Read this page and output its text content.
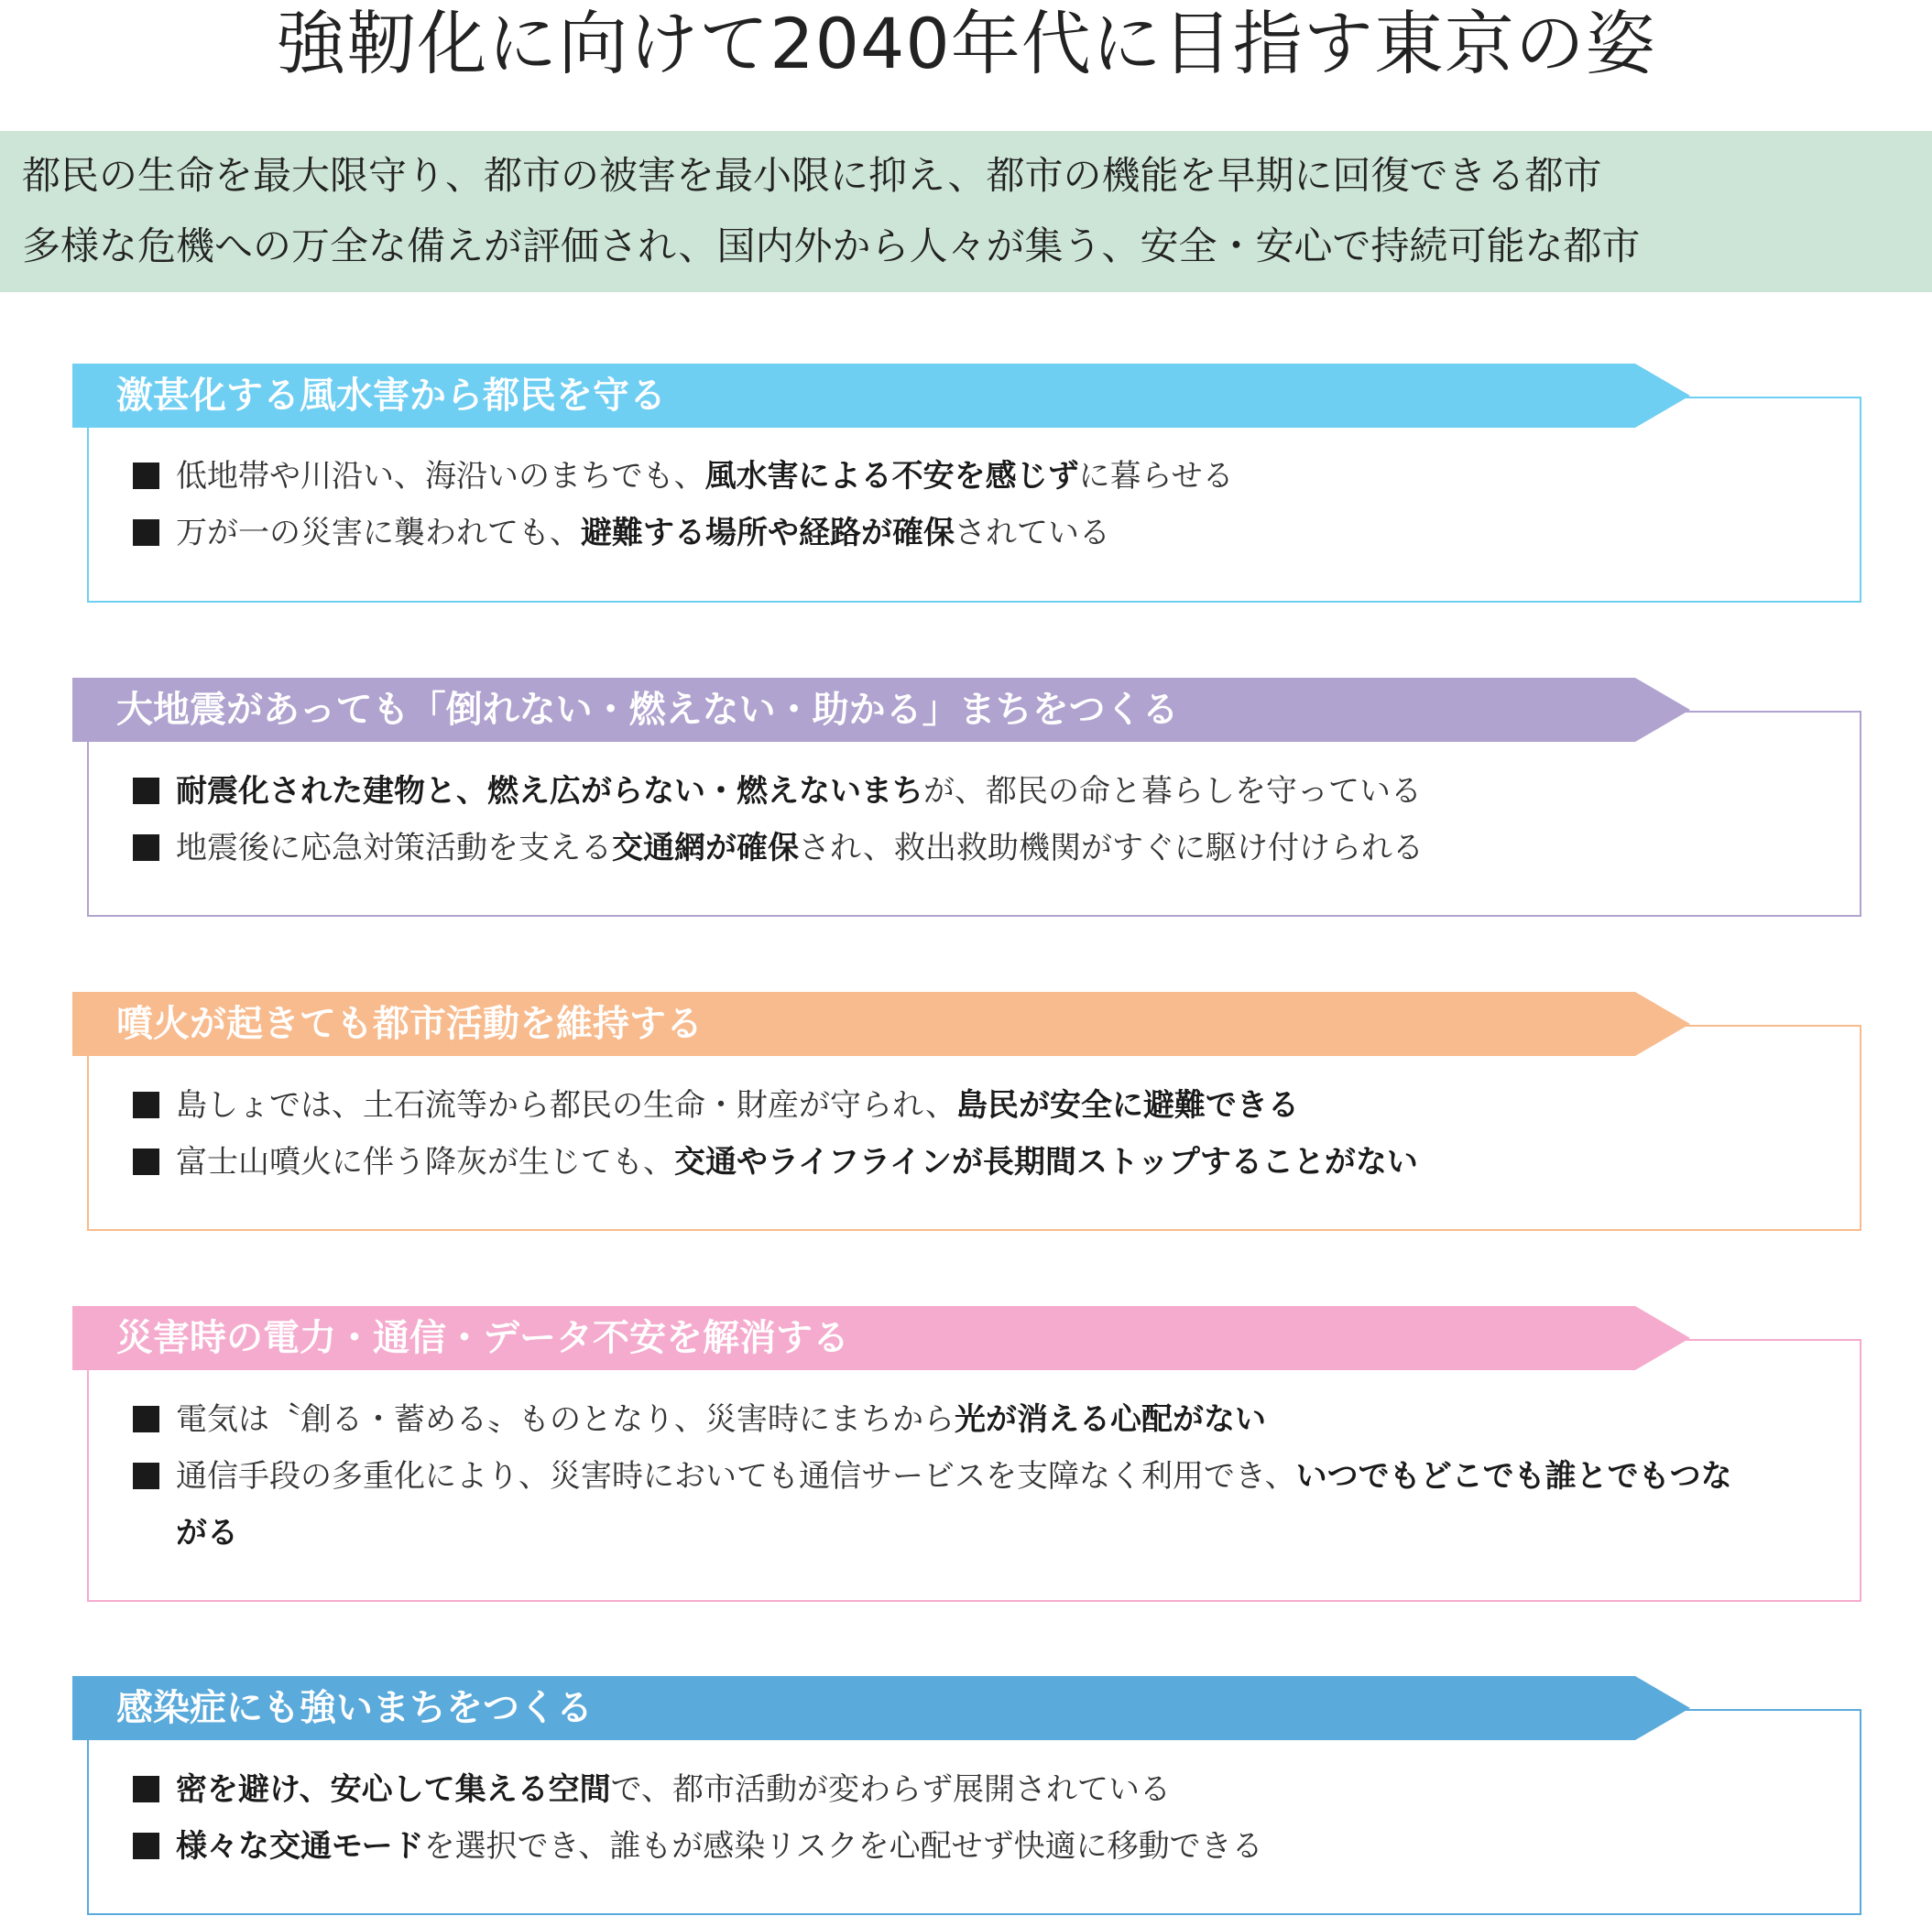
強靭化に向けて2040年代に目指す東京の姿
都民の生命を最大限守り、都市の被害を最小限に抑え、都市の機能を早期に回復できる都市
多様な危機への万全な備えが評価され、国内外から人々が集う、安全・安心で持続可能な都市
激甚化する風水害から都民を守る
低地帯や川沿い、海沿いのまちでも、風水害による不安を感じずに暮らせる
万が一の災害に襲われても、避難する場所や経路が確保されている
大地震があっても「倒れない・燃えない・助かる」まちをつくる
耐震化された建物と、燃え広がらない・燃えないまちが、都民の命と暮らしを守っている
地震後に応急対策活動を支える交通網が確保され、救出救助機関がすぐに駆け付けられる
噴火が起きても都市活動を維持する
島しょでは、土石流等から都民の生命・財産が守られ、島民が安全に避難できる
富士山噴火に伴う降灰が生じても、交通やライフラインが長期間ストップすることがない
災害時の電力・通信・データ不安を解消する
電気は〝創る・蓄める〟ものとなり、災害時にまちから光が消える心配がない
通信手段の多重化により、災害時においても通信サービスを支障なく利用でき、いつでもどこでも誰とでもつな
がる
感染症にも強いまちをつくる
密を避け、安心して集える空間で、都市活動が変わらず展開されている
様々な交通モードを選択でき、誰もが感染リスクを心配せず快適に移動できる
